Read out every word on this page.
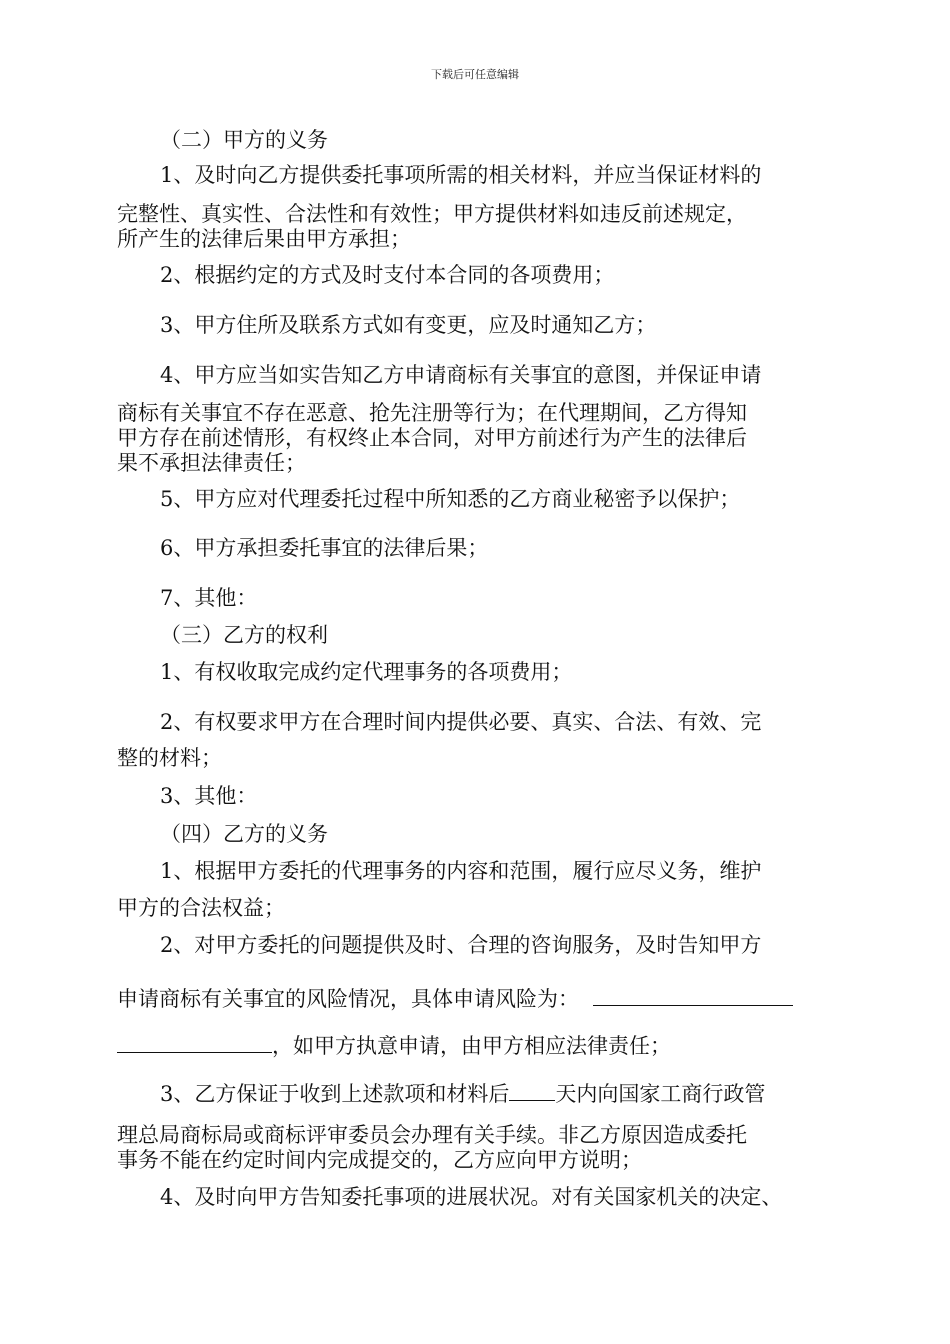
下载后可任意编辑
（二）甲方的义务
1、及时向乙方提供委托事项所需的相关材料，并应当保证材料的
完整性、真实性、合法性和有效性；甲方提供材料如违反前述规定，
所产生的法律后果由甲方承担；
2、根据约定的方式及时支付本合同的各项费用；
3、甲方住所及联系方式如有变更，应及时通知乙方；
4、甲方应当如实告知乙方申请商标有关事宜的意图，并保证申请
商标有关事宜不存在恶意、抢先注册等行为；在代理期间，乙方得知
甲方存在前述情形，有权终止本合同，对甲方前述行为产生的法律后
果不承担法律责任；
5、甲方应对代理委托过程中所知悉的乙方商业秘密予以保护；
6、甲方承担委托事宜的法律后果；
7、其他：
（三）乙方的权利
1、有权收取完成约定代理事务的各项费用；
2、有权要求甲方在合理时间内提供必要、真实、合法、有效、完
整的材料；
3、其他：
（四）乙方的义务
1、根据甲方委托的代理事务的内容和范围，履行应尽义务，维护
甲方的合法权益；
2、对甲方委托的问题提供及时、合理的咨询服务，及时告知甲方
申请商标有关事宜的风险情况，具体申请风险为：
，如甲方执意申请，由甲方相应法律责任；
3、乙方保证于收到上述款项和材料后 天内向国家工商行政管
理总局商标局或商标评审委员会办理有关手续。非乙方原因造成委托
事务不能在约定时间内完成提交的，乙方应向甲方说明；
4、及时向甲方告知委托事项的进展状况。对有关国家机关的决定、
